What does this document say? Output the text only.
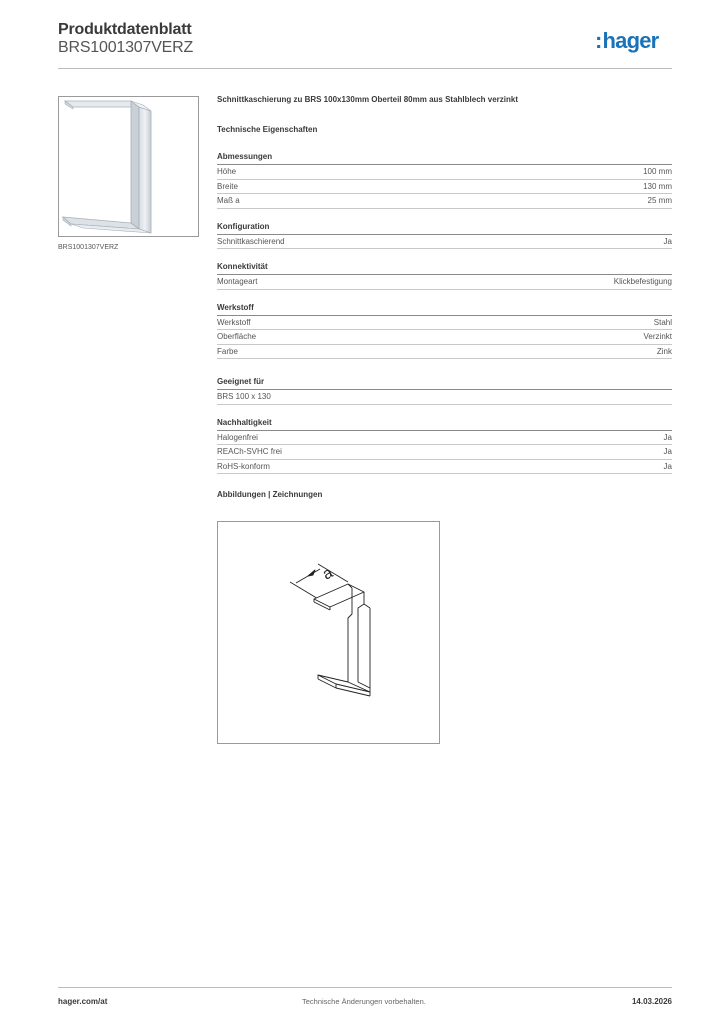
Produktdatenblatt
BRS1001307VERZ	:hager
BRS1001307VERZ
Schnittkaschierung zu BRS 100x130mm Oberteil 80mm aus Stahlblech verzinkt
Technische Eigenschaften
Abmessungen
Höhe	100 mm
Breite	130 mm
Maß a	25 mm
Konfiguration
Schnittkaschierend	Ja
Konnektivität
Montageart	Klickbefestigung
Werkstoff
Werkstoff	Stahl
Oberfläche	Verzinkt
Farbe	Zink
Geeignet für
BRS 100 x 130
Nachhaltigkeit
Halogenfrei	Ja
REACh-SVHC frei	Ja
RoHS-konform	Ja
Abbildungen | Zeichnungen
a
hager.com/at	Technische Änderungen vorbehalten.	14.03.2026
